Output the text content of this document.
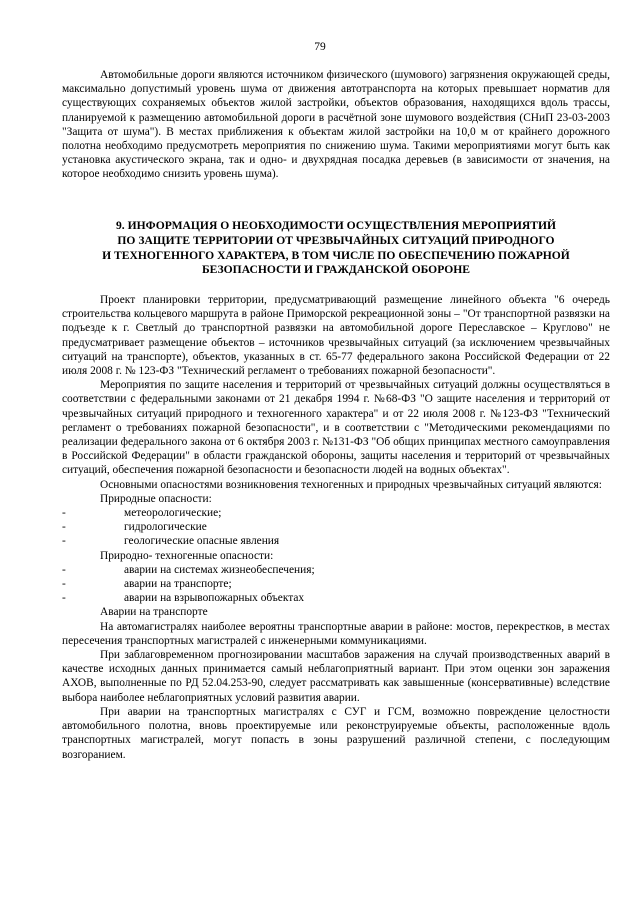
79

Автомобильные дороги являются источником физического (шумового) загрязнения окружающей среды, максимально допустимый уровень шума от движения автотранспорта на которых превышает норматив для существующих сохраняемых объектов жилой застройки, объектов образования, находящихся вдоль трассы, планируемой к размещению автомобильной дороги в расчётной зоне шумового воздействия (СНиП 23-03-2003 "Защита от шума"). В местах приближения к объектам жилой застройки на 10,0 м от крайнего дорожного полотна необходимо предусмотреть мероприятия по снижению шума. Такими мероприятиями могут быть как установка акустического экрана, так и одно- и двухрядная посадка деревьев (в зависимости от значения, на которое необходимо снизить уровень шума).

9. ИНФОРМАЦИЯ О НЕОБХОДИМОСТИ ОСУЩЕСТВЛЕНИЯ МЕРОПРИЯТИЙ

ПО ЗАЩИТЕ ТЕРРИТОРИИ ОТ ЧРЕЗВЫЧАЙНЫХ СИТУАЦИЙ ПРИРОДНОГО

И ТЕХНОГЕННОГО ХАРАКТЕРА, В ТОМ ЧИСЛЕ ПО ОБЕСПЕЧЕНИЮ ПОЖАРНОЙ

БЕЗОПАСНОСТИ И ГРАЖДАНСКОЙ ОБОРОНЕ

Проект планировки территории, предусматривающий размещение линейного объекта "6 очередь строительства кольцевого маршрута в районе Приморской рекреационной зоны – "От транспортной развязки на подъезде к г. Светлый до транспортной развязки на автомобильной дороге Переславское – Круглово" не предусматривает размещение объектов – источников чрезвычайных ситуаций (за исключением чрезвычайных ситуаций на транспорте), объектов, указанных в ст. 65-77 федерального закона Российской Федерации от 22 июля 2008 г. № 123-ФЗ "Технический регламент о требованиях пожарной безопасности".

Мероприятия по защите населения и территорий от чрезвычайных ситуаций должны осуществляться в соответствии с федеральными законами от 21 декабря 1994 г. №68-ФЗ "О защите населения и территорий от чрезвычайных ситуаций природного и техногенного характера" и от 22 июля 2008 г. №123-ФЗ "Технический регламент о требованиях пожарной безопасности", и в соответствии с "Методическими рекомендациями по реализации федерального закона от 6 октября 2003 г. №131-ФЗ "Об общих принципах местного самоуправления в Российской Федерации" в области гражданской обороны, защиты населения и территорий от чрезвычайных ситуаций, обеспечения пожарной безопасности и безопасности людей на водных объектах".

Основными опасностями возникновения техногенных и природных чрезвычайных ситуаций являются:

Природные опасности:

-	метеорологические;
-	гидрологические
-	геологические опасные явления

Природно- техногенные опасности:

-	аварии на системах жизнеобеспечения;
-	аварии на транспорте;
-	аварии на взрывопожарных объектах

Аварии на транспорте

На автомагистралях наиболее вероятны транспортные аварии в районе: мостов, перекрестков, в местах пересечения транспортных магистралей с инженерными коммуникациями.

При заблаговременном прогнозировании масштабов заражения на случай производственных аварий в качестве исходных данных принимается самый неблагоприятный вариант. При этом оценки зон заражения АХОВ, выполненные по РД 52.04.253-90, следует рассматривать как завышенные (консервативные) вследствие выбора наиболее неблагоприятных условий развития аварии.

При аварии на транспортных магистралях с СУГ и ГСМ, возможно повреждение целостности автомобильного полотна, вновь проектируемые или реконструируемые объекты, расположенные вдоль транспортных магистралей, могут попасть в зоны разрушений различной степени, с последующим возгоранием.
